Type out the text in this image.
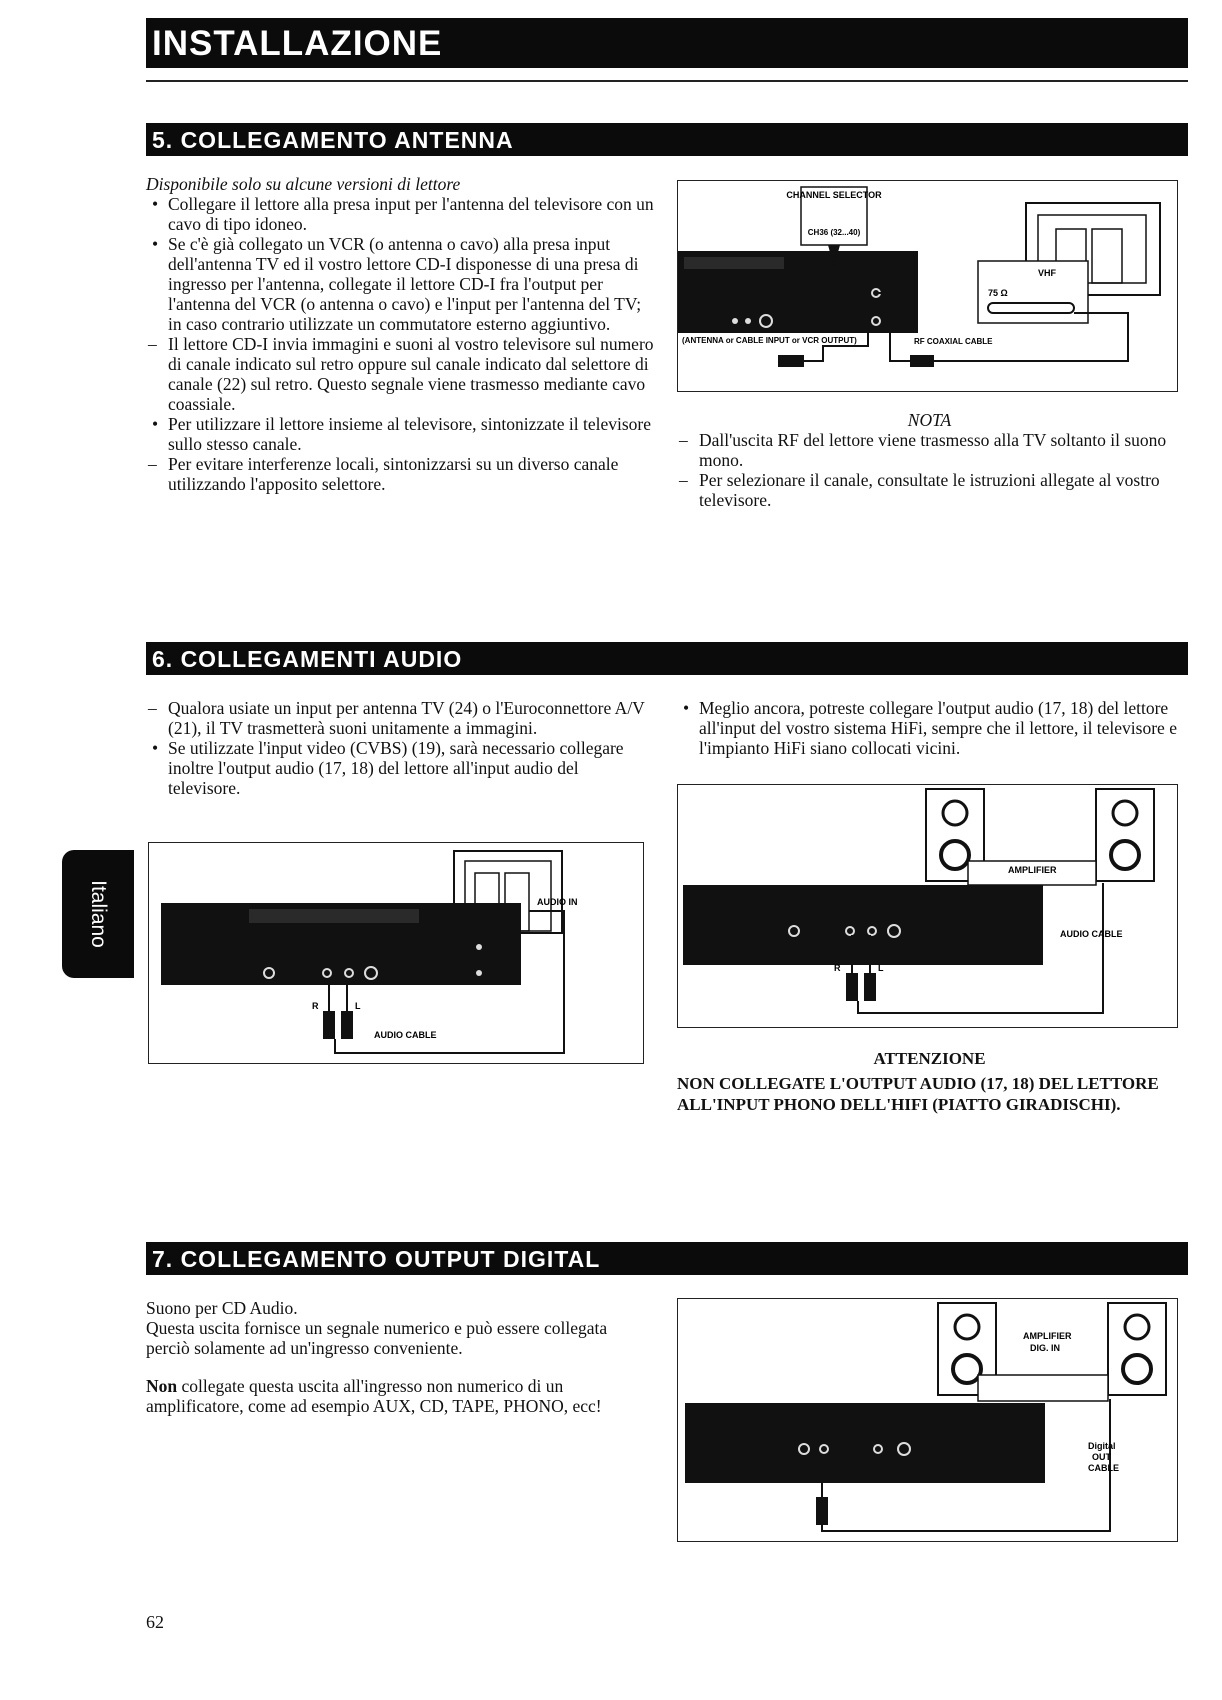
INSTALLAZIONE
5. COLLEGAMENTO ANTENNA

Disponibile solo su alcune versioni di lettore

• Collegare il lettore alla presa input per l'antenna del televisore con un cavo di tipo idoneo.
• Se c'è già collegato un VCR (o antenna o cavo) alla presa input dell'antenna TV ed il vostro lettore CD-I disponesse di una presa di ingresso per l'antenna, collegate il lettore CD-I fra l'output per l'antenna del VCR (o antenna o cavo) e l'input per l'antenna del TV; in caso contrario utilizzate un commutatore esterno aggiuntivo.
– Il lettore CD-I invia immagini e suoni al vostro televisore sul numero di canale indicato sul retro oppure sul canale indicato dal selettore di canale (22) sul retro. Questo segnale viene trasmesso mediante cavo coassiale.
• Per utilizzare il lettore insieme al televisore, sintonizzate il televisore sullo stesso canale.
– Per evitare interferenze locali, sintonizzarsi su un diverso canale utilizzando l'apposito selettore.
CHANNEL SELECTOR
CH36 (32...40)
VHF
75 Ω
(ANTENNA or CABLE INPUT or VCR OUTPUT)	RF COAXIAL CABLE

NOTA

– Dall'uscita RF del lettore viene trasmesso alla TV soltanto il suono mono.
– Per selezionare il canale, consultate le istruzioni allegate al vostro televisore.
6. COLLEGAMENTI AUDIO
– Qualora usiate un input per antenna TV (24) o l'Euroconnettore A/V (21), il TV trasmetterà suoni unitamente a immagini.
• Se utilizzate l'input video (CVBS) (19), sarà necessario collegare inoltre l'output audio (17, 18) del lettore all'input audio del televisore.
• Meglio ancora, potreste collegare l'output audio (17, 18) del lettore all'input del vostro sistema HiFi, sempre che il lettore, il televisore e l'impianto HiFi siano collocati vicini.
R	L
AUDIO IN
AUDIO CABLE
AMPLIFIER
R	L
AUDIO CABLE

ATTENZIONE

NON COLLEGATE L'OUTPUT AUDIO (17, 18) DEL LETTORE ALL'INPUT PHONO DELL'HIFI (PIATTO GIRADISCHI).

7. COLLEGAMENTO OUTPUT DIGITAL

Suono per CD Audio.
Questa uscita fornisce un segnale numerico e può essere collegata perciò solamente ad un'ingresso conveniente.

Non collegate questa uscita all'ingresso non numerico di un amplificatore, come ad esempio AUX, CD, TAPE, PHONO, ecc!

AMPLIFIER
DIG. IN
Digital
OUT
CABLE
Italiano
62
